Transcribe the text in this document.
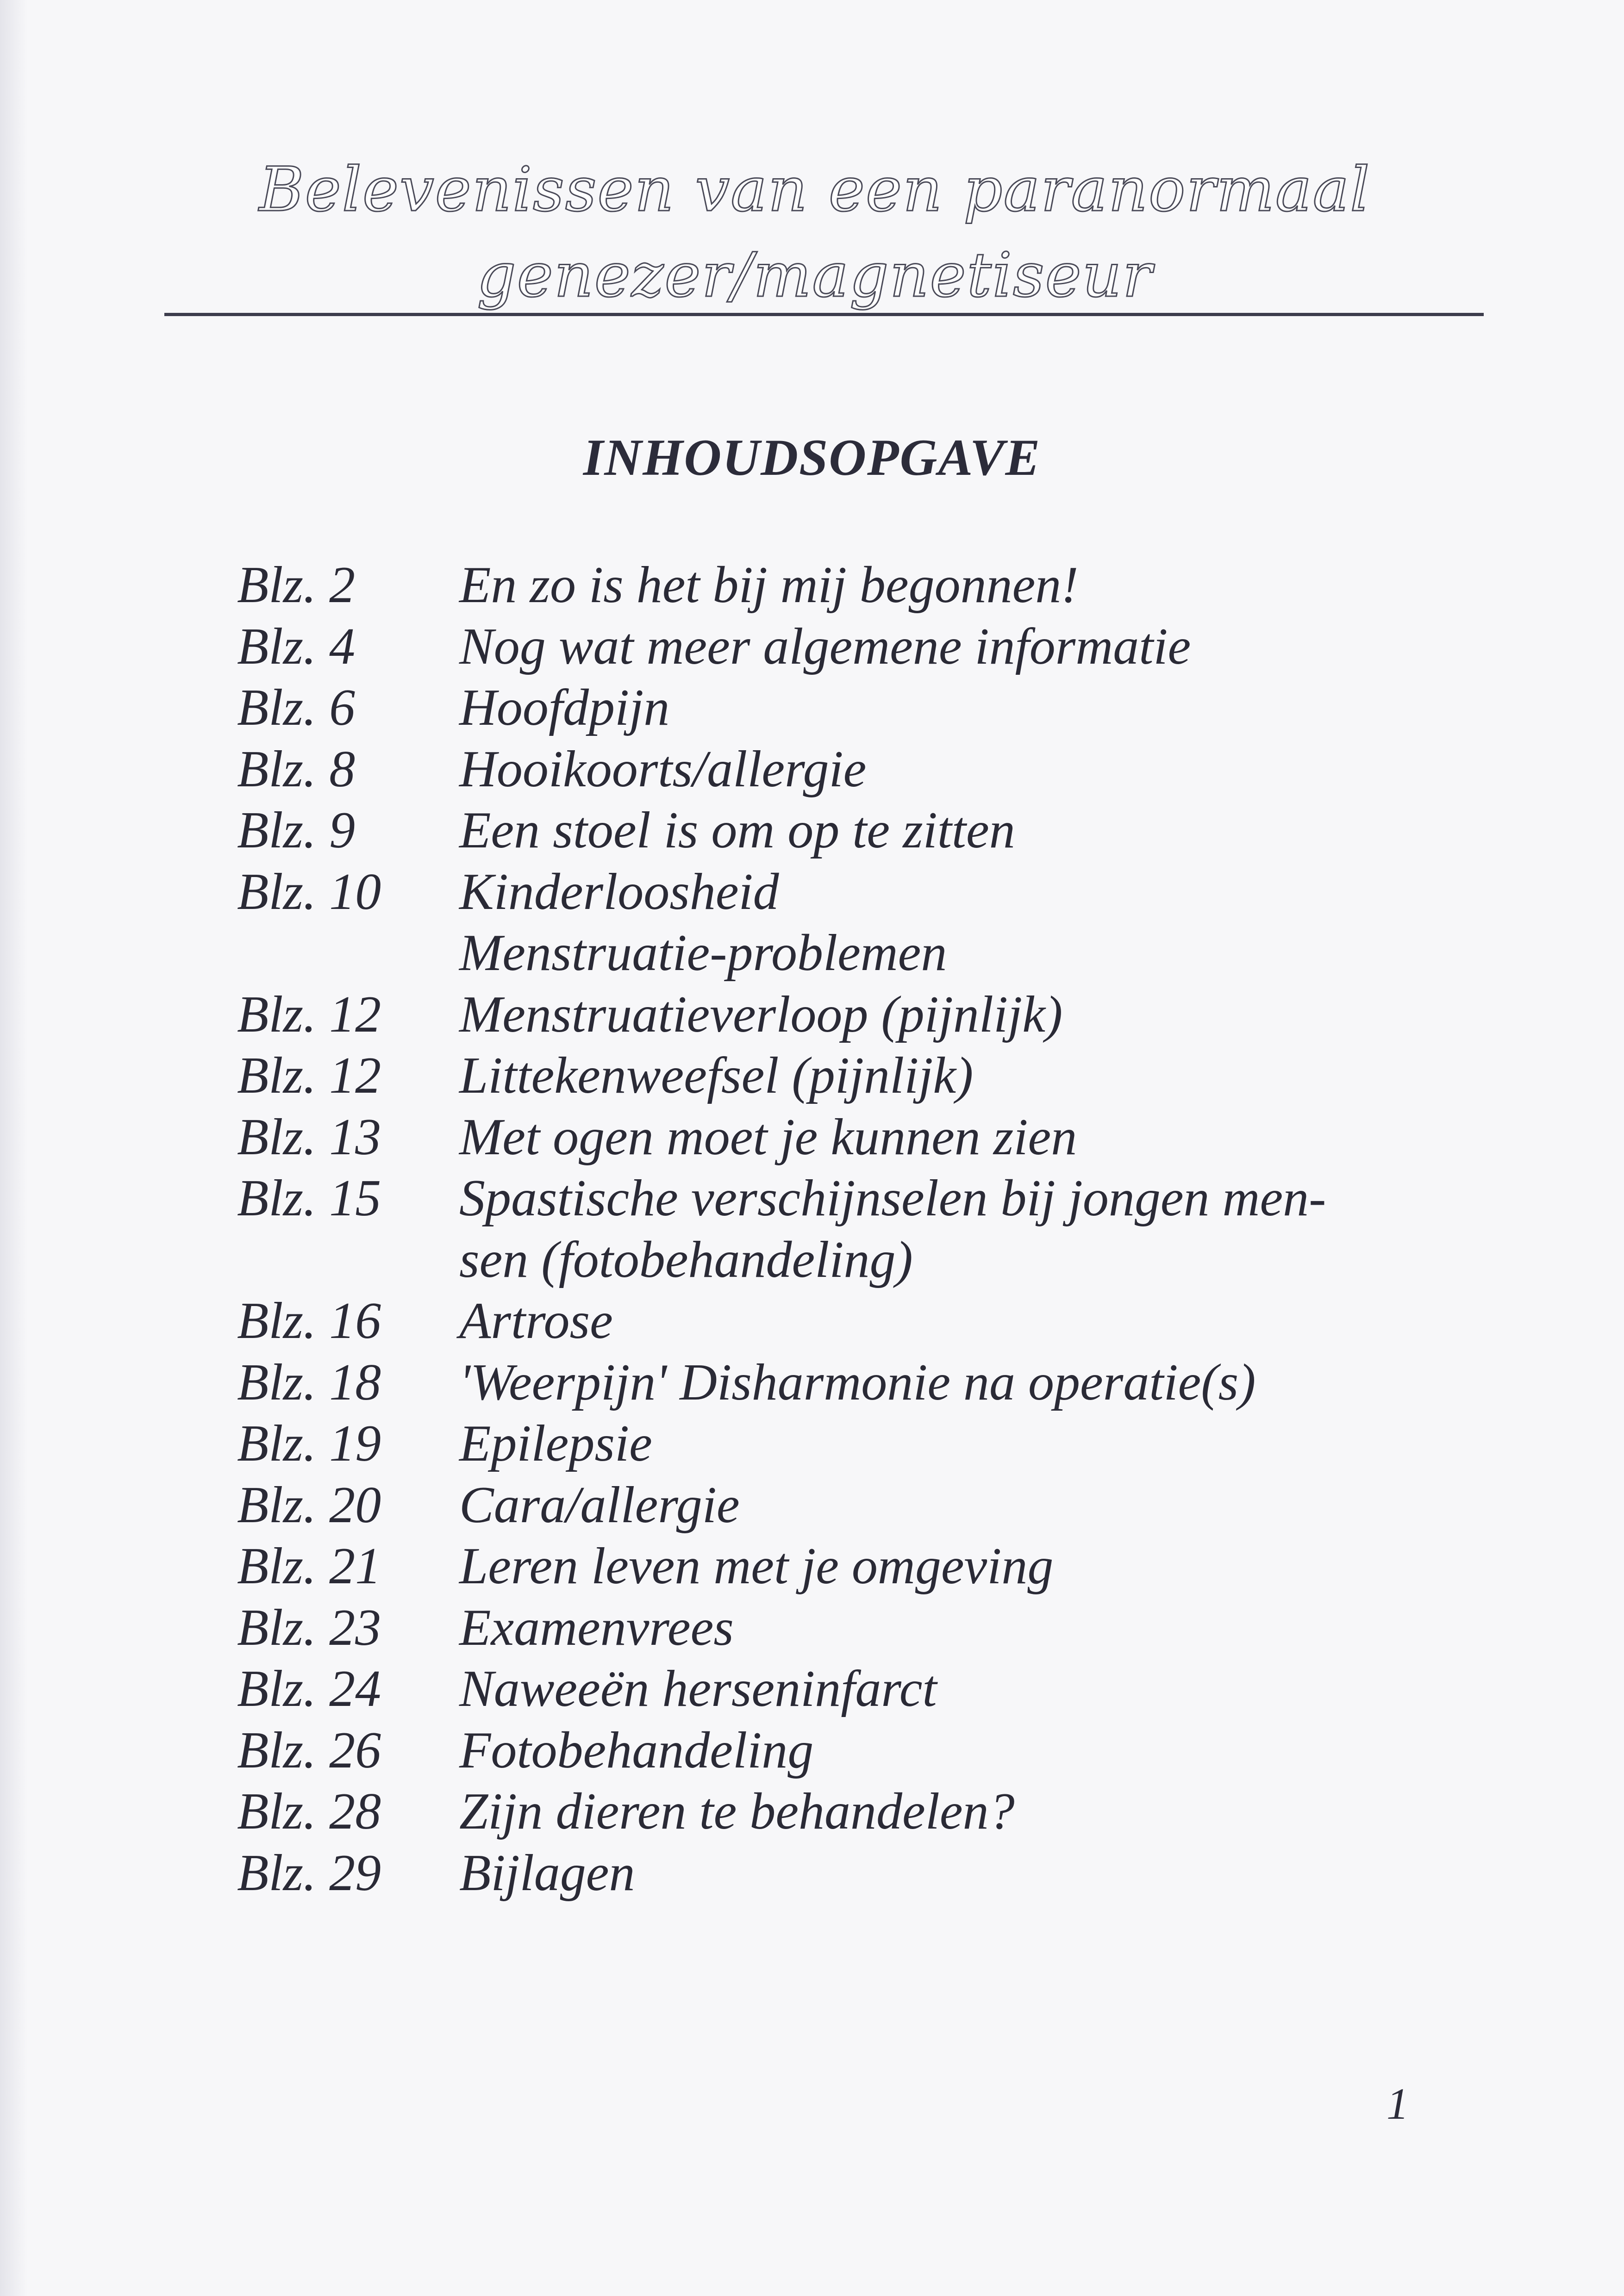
Belevenissen van een paranormaal
genezer/magnetiseur
INHOUDSOPGAVE
Blz. 2	En zo is het bij mij begonnen!
Blz. 4	Nog wat meer algemene informatie
Blz. 6	Hoofdpijn
Blz. 8	Hooikoorts/allergie
Blz. 9	Een stoel is om op te zitten
Blz. 10	Kinderloosheid
Menstruatie-problemen
Blz. 12	Menstruatieverloop (pijnlijk)
Blz. 12	Littekenweefsel (pijnlijk)
Blz. 13	Met ogen moet je kunnen zien
Blz. 15	Spastische verschijnselen bij jongen men-
sen (fotobehandeling)
Blz. 16	Artrose
Blz. 18	'Weerpijn' Disharmonie na operatie(s)
Blz. 19	Epilepsie
Blz. 20	Cara/allergie
Blz. 21	Leren leven met je omgeving
Blz. 23	Examenvrees
Blz. 24	Naweeën herseninfarct
Blz. 26	Fotobehandeling
Blz. 28	Zijn dieren te behandelen?
Blz. 29	Bijlagen
1
